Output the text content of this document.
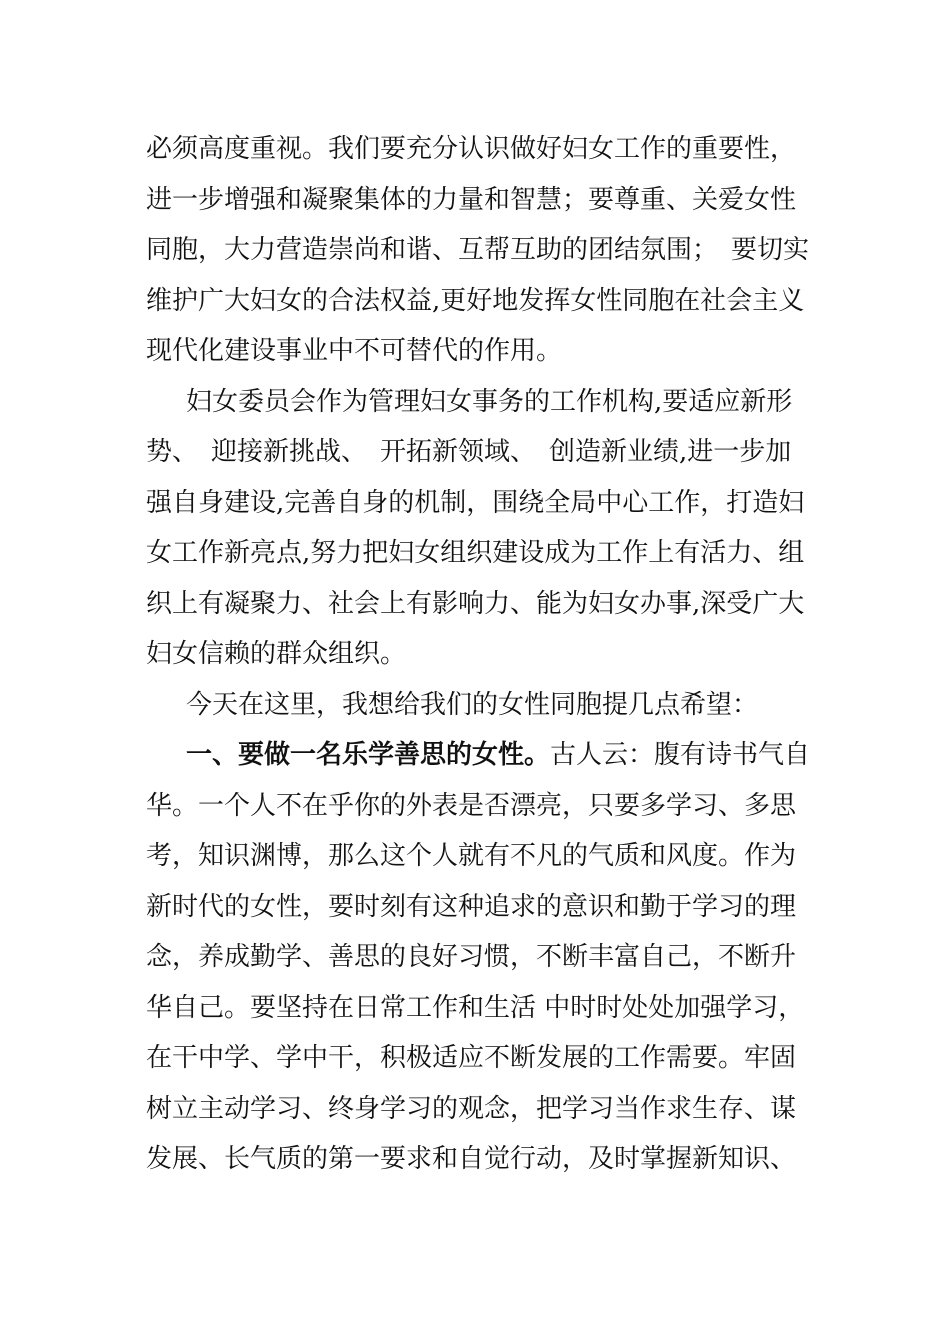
必须高度重视。我们要充分认识做好妇女工作的重要性，
进一步增强和凝聚集体的力量和智慧；要尊重、关爱女性
同胞，大力营造崇尚和谐、互帮互助的团结氛围；　要切实
维护广大妇女的合法权益,更好地发挥女性同胞在社会主义
现代化建设事业中不可替代的作用。
妇女委员会作为管理妇女事务的工作机构,要适应新形
势、　迎接新挑战、　开拓新领域、　创造新业绩,进一步加
强自身建设,完善自身的机制，围绕全局中心工作，打造妇
女工作新亮点,努力把妇女组织建设成为工作上有活力、组
织上有凝聚力、社会上有影响力、能为妇女办事,深受广大
妇女信赖的群众组织。
今天在这里，我想给我们的女性同胞提几点希望：
一、要做一名乐学善思的女性。古人云：腹有诗书气自
华。一个人不在乎你的外表是否漂亮，只要多学习、多思
考，知识渊博，那么这个人就有不凡的气质和风度。作为
新时代的女性，要时刻有这种追求的意识和勤于学习的理
念，养成勤学、善思的良好习惯，不断丰富自己，不断升
华自己。要坚持在日常工作和生活 中时时处处加强学习，
在干中学、学中干，积极适应不断发展的工作需要。牢固
树立主动学习、终身学习的观念，把学习当作求生存、谋
发展、长气质的第一要求和自觉行动，及时掌握新知识、
